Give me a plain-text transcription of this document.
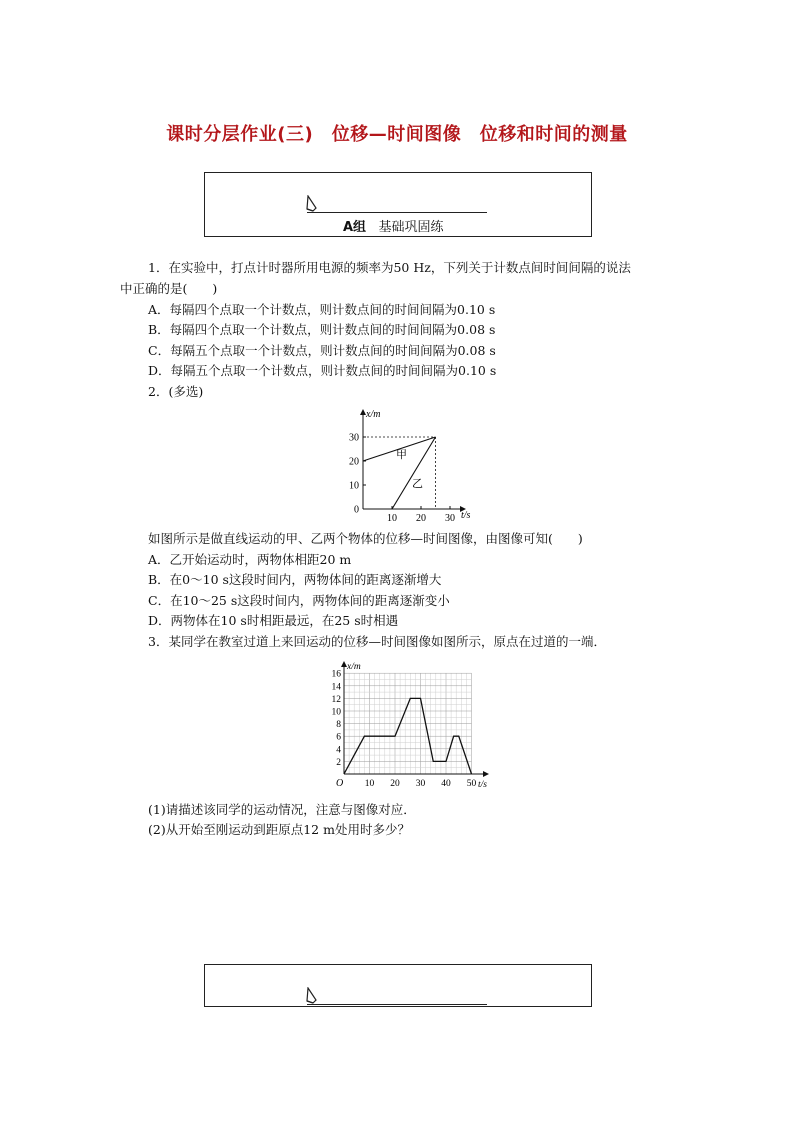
课时分层作业(三)　位移—时间图像　位移和时间的测量
A组 基础巩固练
1．在实验中，打点计时器所用电源的频率为50 Hz，下列关于计数点间时间间隔的说法
中正确的是(　　)
A．每隔四个点取一个计数点，则计数点间的时间间隔为0.10 s
B．每隔四个点取一个计数点，则计数点间的时间间隔为0.08 s
C．每隔五个点取一个计数点，则计数点间的时间间隔为0.08 s
D．每隔五个点取一个计数点，则计数点间的时间间隔为0.10 s
2．(多选)
x/m
t/s
10
20
30
0
10 20 30
甲
乙
如图所示是做直线运动的甲、乙两个物体的位移—时间图像，由图像可知(　　)
A．乙开始运动时，两物体相距20 m
B．在0～10 s这段时间内，两物体间的距离逐渐增大
C．在10～25 s这段时间内，两物体间的距离逐渐变小
D．两物体在10 s时相距最远，在25 s时相遇
3．某同学在教室过道上来回运动的位移—时间图像如图所示，原点在过道的一端．
x/m
t/s
O
2
4
6
8
10
12
14
16
10 20 30 40 50
(1)请描述该同学的运动情况，注意与图像对应．
(2)从开始至刚运动到距原点12 m处用时多少？
